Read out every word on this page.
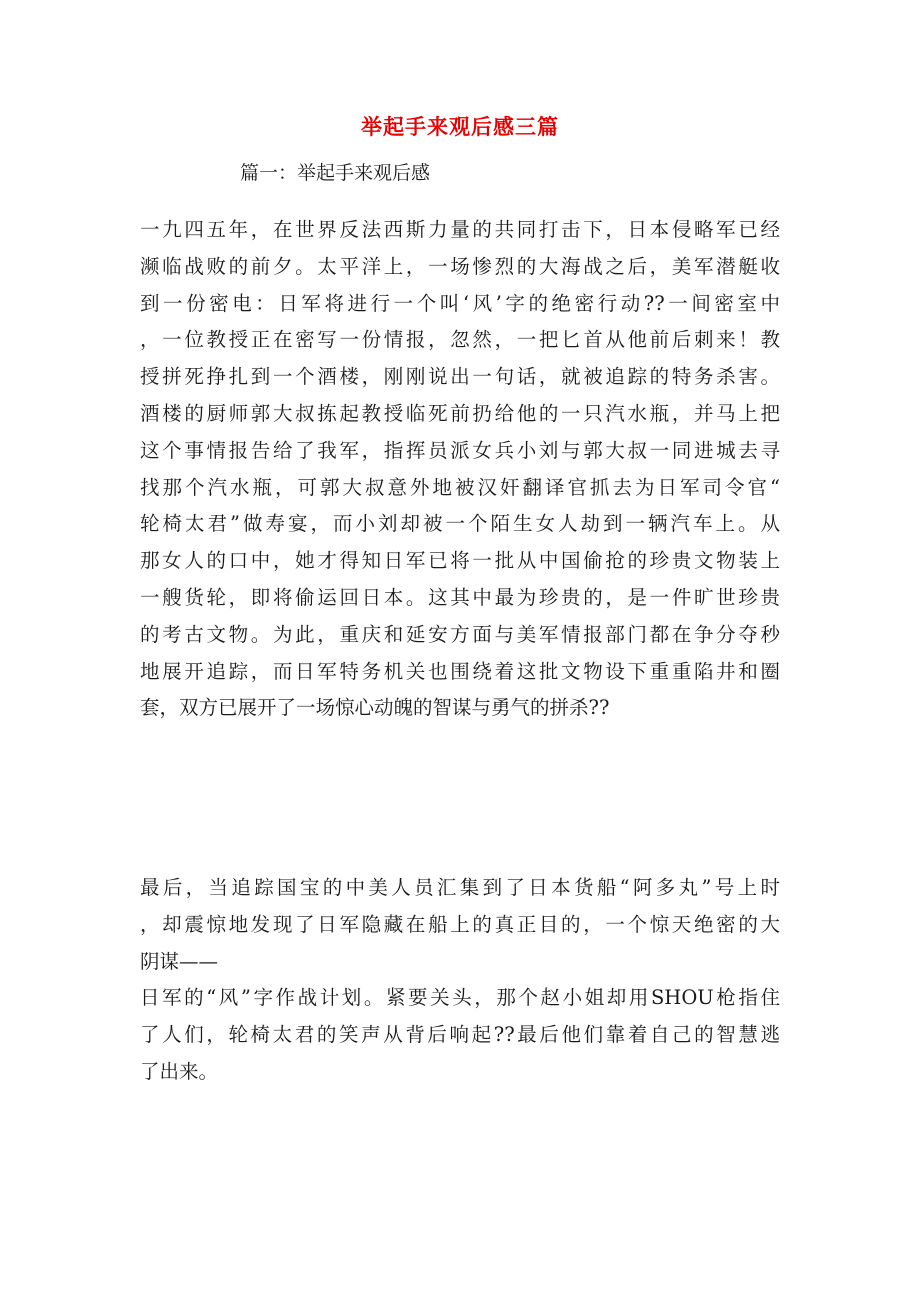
举起手来观后感三篇

篇一：举起手来观后感

一九四五年，在世界反法西斯力量的共同打击下，日本侵略军已经
濒临战败的前夕。太平洋上，一场惨烈的大海战之后，美军潜艇收
到一份密电：日军将进行一个叫‘风’字的绝密行动??一间密室中
，一位教授正在密写一份情报，忽然，一把匕首从他前后刺来！教
授拼死挣扎到一个酒楼，刚刚说出一句话，就被追踪的特务杀害。
酒楼的厨师郭大叔拣起教授临死前扔给他的一只汽水瓶，并马上把
这个事情报告给了我军，指挥员派女兵小刘与郭大叔一同进城去寻
找那个汽水瓶，可郭大叔意外地被汉奸翻译官抓去为日军司令官“
轮椅太君”做寿宴，而小刘却被一个陌生女人劫到一辆汽车上。从
那女人的口中，她才得知日军已将一批从中国偷抢的珍贵文物装上
一艘货轮，即将偷运回日本。这其中最为珍贵的，是一件旷世珍贵
的考古文物。为此，重庆和延安方面与美军情报部门都在争分夺秒
地展开追踪，而日军特务机关也围绕着这批文物设下重重陷井和圈
套，双方已展开了一场惊心动魄的智谋与勇气的拼杀??
最后，当追踪国宝的中美人员汇集到了日本货船“阿多丸”号上时
，却震惊地发现了日军隐藏在船上的真正目的，一个惊天绝密的大
阴谋——
日军的“风”字作战计划。紧要关头，那个赵小姐却用SHOU枪指住
了人们，轮椅太君的笑声从背后响起??最后他们靠着自己的智慧逃
了出来。
